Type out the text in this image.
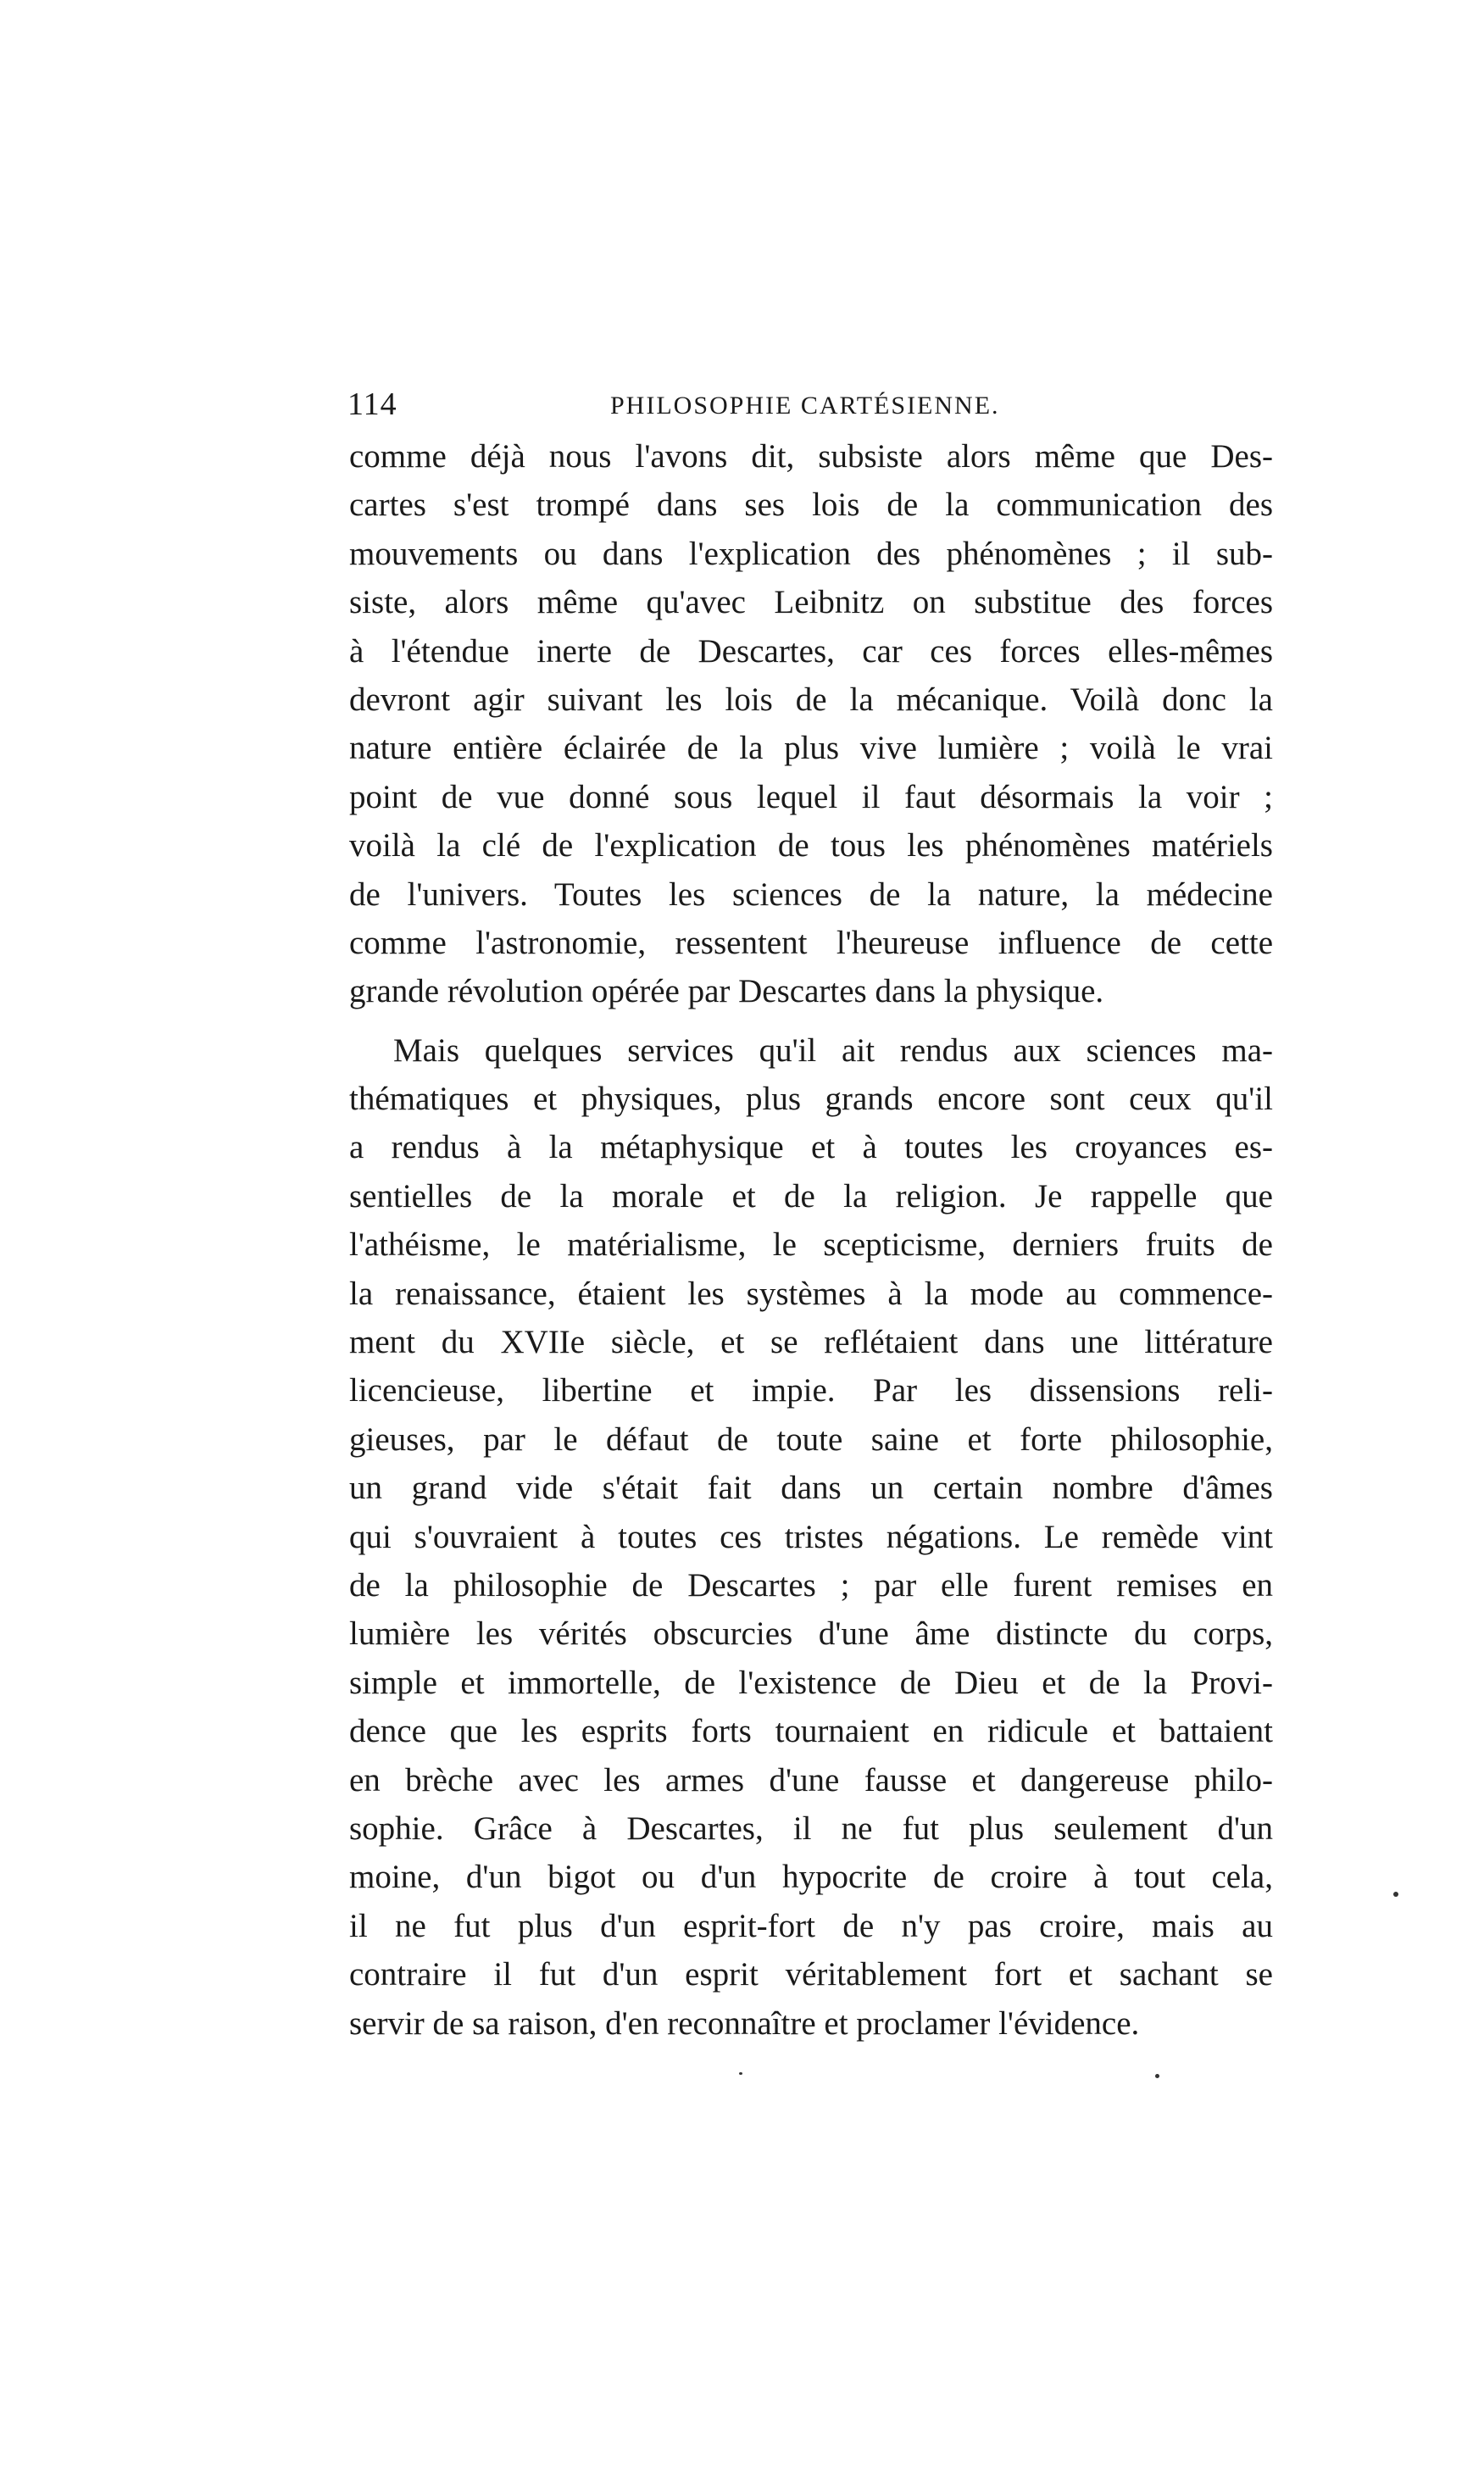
114	PHILOSOPHIE CARTÉSIENNE.
comme déjà nous l'avons dit, subsiste alors même que Des-
cartes s'est trompé dans ses lois de la communication des
mouvements ou dans l'explication des phénomènes ; il sub-
siste, alors même qu'avec Leibnitz on substitue des forces
à l'étendue inerte de Descartes, car ces forces elles-mêmes
devront agir suivant les lois de la mécanique. Voilà donc la
nature entière éclairée de la plus vive lumière ; voilà le vrai
point de vue donné sous lequel il faut désormais la voir ;
voilà la clé de l'explication de tous les phénomènes matériels
de l'univers. Toutes les sciences de la nature, la médecine
comme l'astronomie, ressentent l'heureuse influence de cette
grande révolution opérée par Descartes dans la physique.
Mais quelques services qu'il ait rendus aux sciences ma-
thématiques et physiques, plus grands encore sont ceux qu'il
a rendus à la métaphysique et à toutes les croyances es-
sentielles de la morale et de la religion. Je rappelle que
l'athéisme, le matérialisme, le scepticisme, derniers fruits de
la renaissance, étaient les systèmes à la mode au commence-
ment du XVIIe siècle, et se reflétaient dans une littérature
licencieuse, libertine et impie. Par les dissensions reli-
gieuses, par le défaut de toute saine et forte philosophie,
un grand vide s'était fait dans un certain nombre d'âmes
qui s'ouvraient à toutes ces tristes négations. Le remède vint
de la philosophie de Descartes ; par elle furent remises en
lumière les vérités obscurcies d'une âme distincte du corps,
simple et immortelle, de l'existence de Dieu et de la Provi-
dence que les esprits forts tournaient en ridicule et battaient
en brèche avec les armes d'une fausse et dangereuse philo-
sophie. Grâce à Descartes, il ne fut plus seulement d'un
moine, d'un bigot ou d'un hypocrite de croire à tout cela,
il ne fut plus d'un esprit-fort de n'y pas croire, mais au
contraire il fut d'un esprit véritablement fort et sachant se
servir de sa raison, d'en reconnaître et proclamer l'évidence.
